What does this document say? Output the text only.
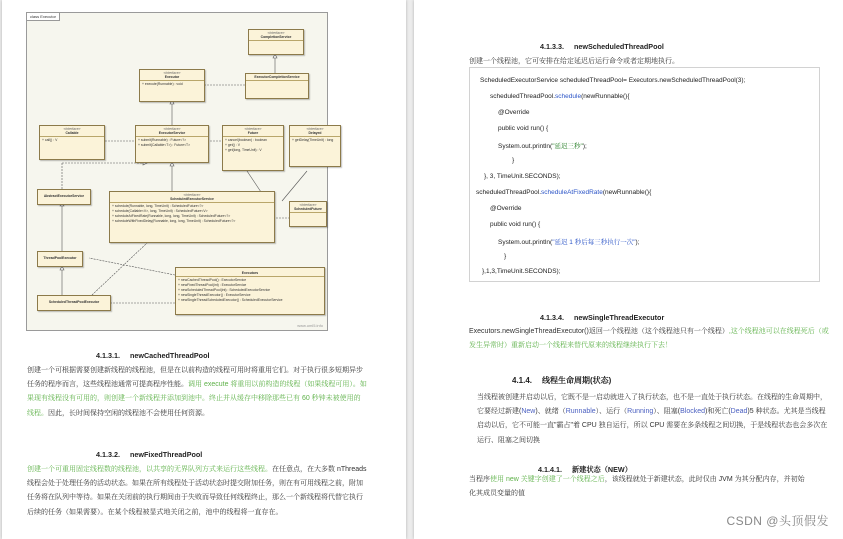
class Executor
«Interface»
CompletionService
«Interface»
Executor
+ execute(Runnable) : void
ExecutorCompletionService
«Interface»
Callable
+ call() : V
«Interface»
ExecutorService
+ submit(Runnable) : Future<?>
+ submit(Callable<T>) : Future<T>
«Interface»
Future
+ cancel(boolean) : boolean
+ get() : V
+ get(long, TimeUnit) : V
«Interface»
Delayed
+ getDelay(TimeUnit) : long
AbstractExecutorService
«Interface»
ScheduledFuture
«Interface»
ScheduledExecutorService
+ schedule(Runnable, long, TimeUnit) : ScheduledFuture<?>
+ schedule(Callable<V>, long, TimeUnit) : ScheduledFuture<V>
+ scheduleAtFixedRate(Runnable, long, long, TimeUnit) : ScheduledFuture<?>
+ scheduleWithFixedDelay(Runnable, long, long, TimeUnit) : ScheduledFuture<?>
ThreadPoolExecutor
Executors
+ newCachedThreadPool() : ExecutorService
+ newFixedThreadPool(int) : ExecutorService
+ newScheduledThreadPool(int) : ScheduledExecutorService
+ newSingleThreadExecutor() : ExecutorService
+ newSingleThreadScheduledExecutor() : ScheduledExecutorService
ScheduledThreadPoolExecutor
www.uml5.info
4.1.3.1. newCachedThreadPool
创建一个可根据需要创建新线程的线程池，但是在以前构造的线程可用时将重用它们。对于执行很多短期异步任务的程序而言，这些线程池通常可提高程序性能。调用 execute 将重用以前构造的线程（如果线程可用）。如果现有线程没有可用的，则创建一个新线程并添加到池中。终止并从缓存中移除那些已有 60 秒钟未被使用的线程。因此，长时间保持空闲的线程池不会使用任何资源。
4.1.3.2. newFixedThreadPool
创建一个可重用固定线程数的线程池，以共享的无界队列方式来运行这些线程。在任意点，在大多数 nThreads 线程会处于处理任务的活动状态。如果在所有线程处于活动状态时提交附加任务，则在有可用线程之前，附加任务将在队列中等待。如果在关闭前的执行期间由于失败而导致任何线程终止，那么一个新线程将代替它执行后续的任务（如果需要）。在某个线程被显式地关闭之前，池中的线程将一直存在。
4.1.3.3. newScheduledThreadPool
创建一个线程池，它可安排在给定延迟后运行命令或者定期地执行。
ScheduledExecutorService scheduledThreadPool= Executors.newScheduledThreadPool(3);
scheduledThreadPool.schedule(newRunnable(){
@Override
public void run() {
System.out.println("延迟三秒");
}
}, 3, TimeUnit.SECONDS);
scheduledThreadPool.scheduleAtFixedRate(newRunnable(){
@Override
public void run() {
System.out.println("延迟 1 秒后每三秒执行一次");
}
},1,3,TimeUnit.SECONDS);
4.1.3.4. newSingleThreadExecutor
Executors.newSingleThreadExecutor()返回一个线程池（这个线程池只有一个线程）,这个线程池可以在线程死后（或发生异常时）重新启动一个线程来替代原来的线程继续执行下去！
4.1.4. 线程生命周期(状态)
当线程被创建并启动以后，它既不是一启动就进入了执行状态，也不是一直处于执行状态。在线程的生命周期中，它要经过新建(New)、就绪（Runnable）、运行（Running）、阻塞(Blocked)和死亡(Dead)5 种状态。尤其是当线程启动以后，它不可能一直"霸占"着 CPU 独自运行，所以 CPU 需要在多条线程之间切换，于是线程状态也会多次在运行、阻塞之间切换
4.1.4.1. 新建状态（NEW）
当程序使用 new 关键字创建了一个线程之后，该线程就处于新建状态，此时仅由 JVM 为其分配内存，并初始化其成员变量的值
CSDN @头顶假发
